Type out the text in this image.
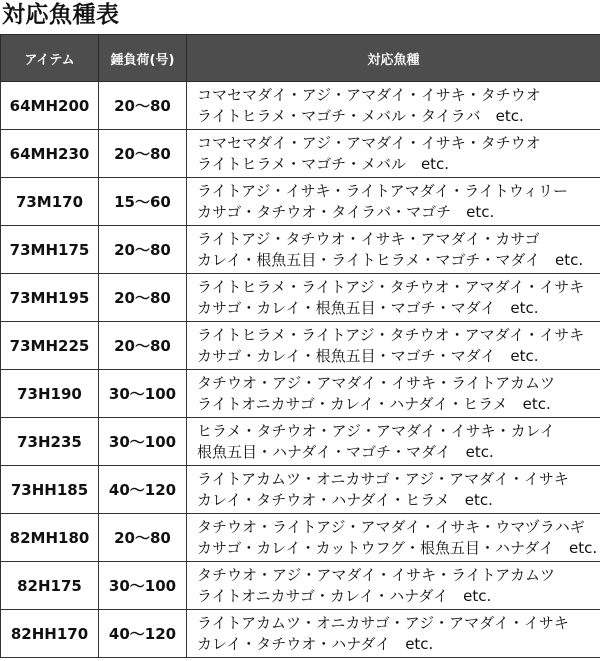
対応魚種表
アイテム	錘負荷(号)	対応魚種
64MH200	20～80	コマセマダイ・アジ・アマダイ・イサキ・タチウオ
ライトヒラメ・マゴチ・メバル・タイラバ　etc.

64MH230	20～80	コマセマダイ・アジ・アマダイ・イサキ・タチウオ
ライトヒラメ・マゴチ・メバル　etc.

73M170	15～60	ライトアジ・イサキ・ライトアマダイ・ライトウィリー
カサゴ・タチウオ・タイラバ・マゴチ　etc.

73MH175	20～80	ライトアジ・タチウオ・イサキ・アマダイ・カサゴ
カレイ・根魚五目・ライトヒラメ・マゴチ・マダイ　etc.

73MH195	20～80	ライトヒラメ・ライトアジ・タチウオ・アマダイ・イサキ
カサゴ・カレイ・根魚五目・マゴチ・マダイ　etc.

73MH225	20～80	ライトヒラメ・ライトアジ・タチウオ・アマダイ・イサキ
カサゴ・カレイ・根魚五目・マゴチ・マダイ　etc.

73H190	30～100	タチウオ・アジ・アマダイ・イサキ・ライトアカムツ
ライトオニカサゴ・カレイ・ハナダイ・ヒラメ　etc.

73H235	30～100	ヒラメ・タチウオ・アジ・アマダイ・イサキ・カレイ
根魚五目・ハナダイ・マゴチ・マダイ　etc.

73HH185	40～120	ライトアカムツ・オニカサゴ・アジ・アマダイ・イサキ
カレイ・タチウオ・ハナダイ・ヒラメ　etc.

82MH180	20～80	タチウオ・ライトアジ・アマダイ・イサキ・ウマヅラハギ
カサゴ・カレイ・カットウフグ・根魚五目・ハナダイ　etc.

82H175	30～100	タチウオ・アジ・アマダイ・イサキ・ライトアカムツ
ライトオニカサゴ・カレイ・ハナダイ　etc.

82HH170	40～120	ライトアカムツ・オニカサゴ・アジ・アマダイ・イサキ
カレイ・タチウオ・ハナダイ　etc.
